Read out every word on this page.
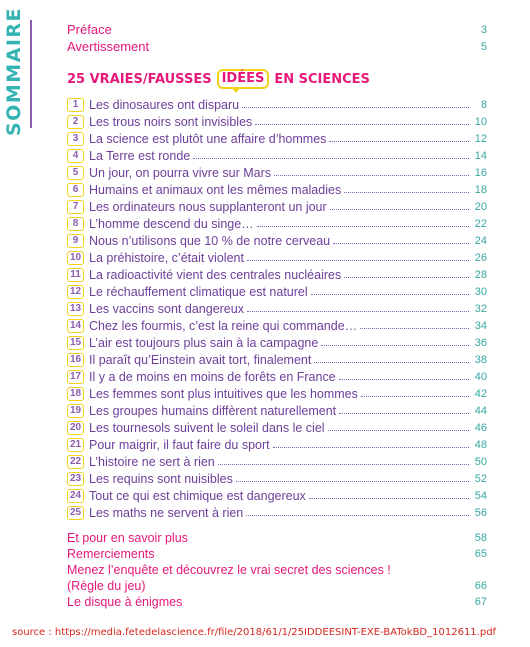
SOMMAIRE	Préface	3
Avertissement	5
25 VRAIES/FAUSSES IDÉES EN SCIENCES
1 Les dinosaures ont disparu	8
2 Les trous noirs sont invisibles	10
3 La science est plutôt une affaire d’hommes	12
4 La Terre est ronde	14
5 Un jour, on pourra vivre sur Mars	16
6 Humains et animaux ont les mêmes maladies	18
7 Les ordinateurs nous supplanteront un jour	20
8 L’homme descend du singe…	22
9 Nous n’utilisons que 10 % de notre cerveau	24
10 La préhistoire, c’était violent	26
11 La radioactivité vient des centrales nucléaires	28
12 Le réchauffement climatique est naturel	30
13 Les vaccins sont dangereux	32
14 Chez les fourmis, c’est la reine qui commande…	34
15 L’air est toujours plus sain à la campagne	36
16 Il paraît qu’Einstein avait tort, finalement	38
17 Il y a de moins en moins de forêts en France	40
18 Les femmes sont plus intuitives que les hommes	42
19 Les groupes humains diffèrent naturellement	44
20 Les tournesols suivent le soleil dans le ciel	46
21 Pour maigrir, il faut faire du sport	48
22 L’histoire ne sert à rien	50
23 Les requins sont nuisibles	52
24 Tout ce qui est chimique est dangereux	54
25 Les maths ne servent à rien	56
Et pour en savoir plus	58
Remerciements	65
Menez l’enquête et découvrez le vrai secret des sciences !
(Règle du jeu)	66
Le disque à énigmes	67
source : https://media.fetedelascience.fr/file/2018/61/1/25IDDEESINT-EXE-BATokBD_1012611.pdf
